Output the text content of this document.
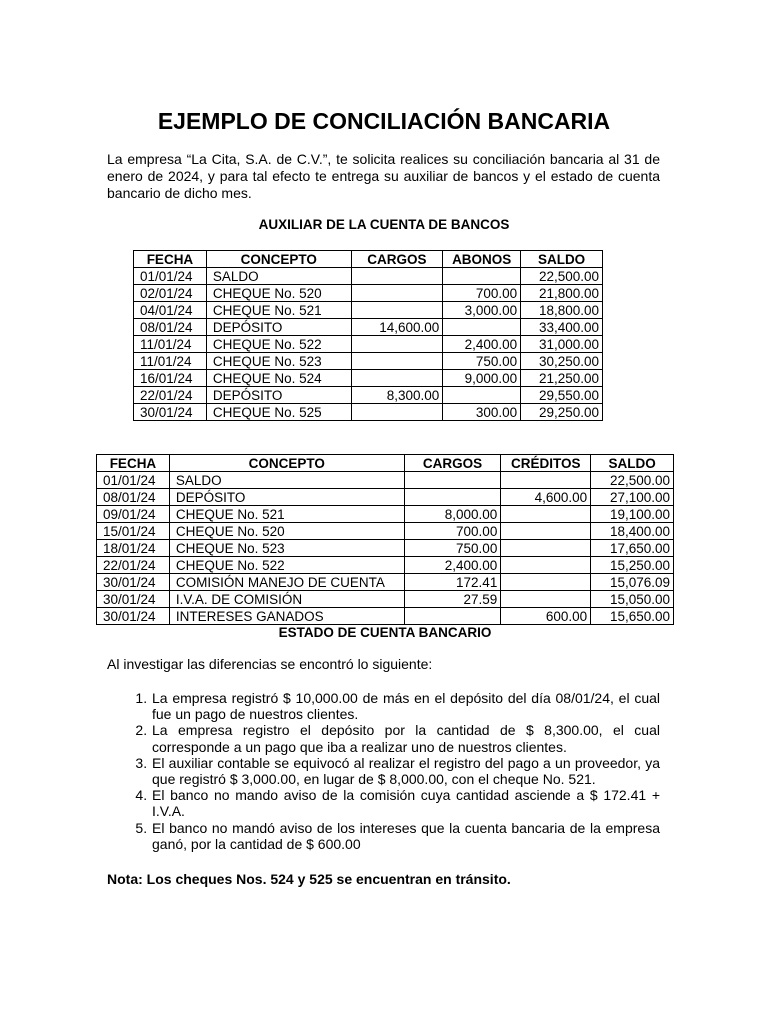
EJEMPLO DE CONCILIACIÓN BANCARIA

La empresa “La Cita, S.A. de C.V.”, te solicita realices su conciliación bancaria al 31 de enero de 2024, y para tal efecto te entrega su auxiliar de bancos y el estado de cuenta bancario de dicho mes.

AUXILIAR DE LA CUENTA DE BANCOS

FECHA	CONCEPTO	CARGOS	ABONOS	SALDO
01/01/24	SALDO			22,500.00
02/01/24	CHEQUE No. 520		700.00	21,800.00
04/01/24	CHEQUE No. 521		3,000.00	18,800.00
08/01/24	DEPÓSITO	14,600.00		33,400.00
11/01/24	CHEQUE No. 522		2,400.00	31,000.00
11/01/24	CHEQUE No. 523		750.00	30,250.00
16/01/24	CHEQUE No. 524		9,000.00	21,250.00
22/01/24	DEPÓSITO	8,300.00		29,550.00
30/01/24	CHEQUE No. 525		300.00	29,250.00
FECHA	CONCEPTO	CARGOS	CRÉDITOS	SALDO
01/01/24	SALDO			22,500.00
08/01/24	DEPÓSITO		4,600.00	27,100.00
09/01/24	CHEQUE No. 521	8,000.00		19,100.00
15/01/24	CHEQUE No. 520	700.00		18,400.00
18/01/24	CHEQUE No. 523	750.00		17,650.00
22/01/24	CHEQUE No. 522	2,400.00		15,250.00
30/01/24	COMISIÓN MANEJO DE CUENTA	172.41		15,076.09
30/01/24	I.V.A. DE COMISIÓN	27.59		15,050.00
30/01/24	INTERESES GANADOS		600.00	15,650.00

ESTADO DE CUENTA BANCARIO

Al investigar las diferencias se encontró lo siguiente:

1. La empresa registró $ 10,000.00 de más en el depósito del día 08/01/24, el cual fue un pago de nuestros clientes.
2. La empresa registro el depósito por la cantidad de $ 8,300.00, el cual corresponde a un pago que iba a realizar uno de nuestros clientes.
3. El auxiliar contable se equivocó al realizar el registro del pago a un proveedor, ya que registró $ 3,000.00, en lugar de $ 8,000.00, con el cheque No. 521.
4. El banco no mando aviso de la comisión cuya cantidad asciende a $ 172.41 + I.V.A.
5. El banco no mandó aviso de los intereses que la cuenta bancaria de la empresa ganó, por la cantidad de $ 600.00

Nota: Los cheques Nos. 524 y 525 se encuentran en tránsito.
